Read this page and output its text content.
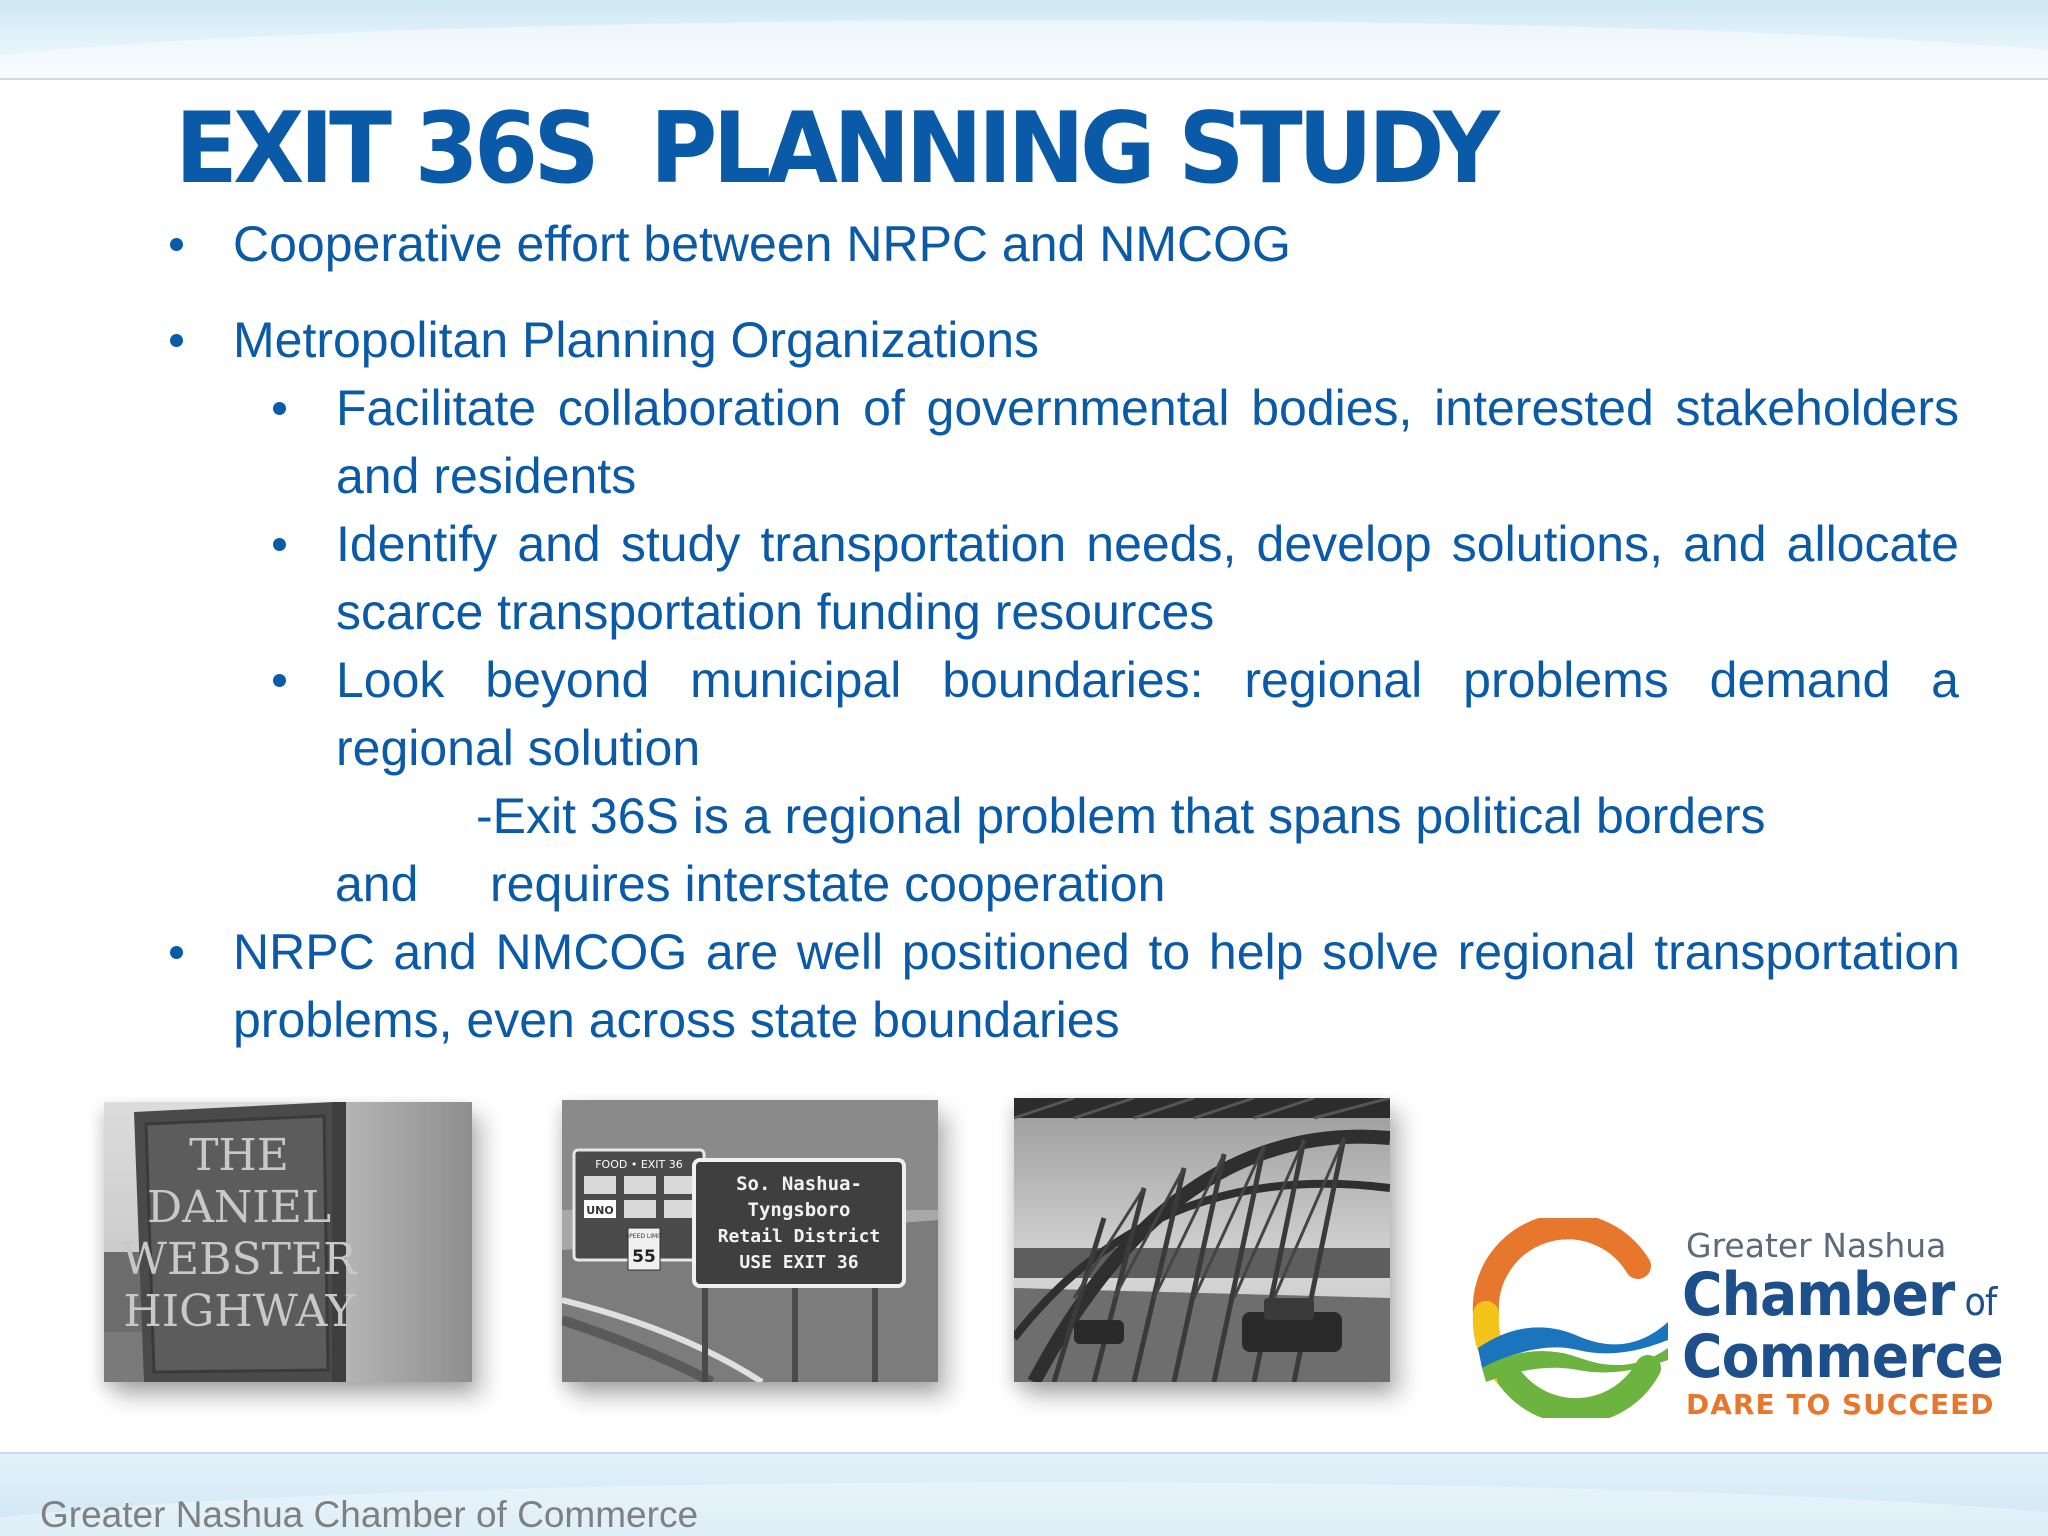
EXIT 36S  PLANNING STUDY
Cooperative effort between NRPC and NMCOG
Metropolitan Planning Organizations
Facilitate collaboration of governmental bodies, interested stakeholders and residents
Identify and study transportation needs, develop solutions, and allocate scarce transportation funding resources
Look beyond municipal boundaries: regional problems demand a regional solution
-Exit 36S is a regional problem that spans political borders
and requires interstate cooperation
NRPC and NMCOG are well positioned to help solve regional transportation problems, even across state boundaries
THE
DANIEL
WEBSTER
HIGHWAY
FOOD • EXIT 36
UNO
SPEED LIMIT
55
So. Nashua-
Tyngsboro
Retail District
USE EXIT 36	Greater Nashua
Chamber of
Commerce
DARE TO SUCCEED
Greater Nashua Chamber of Commerce
